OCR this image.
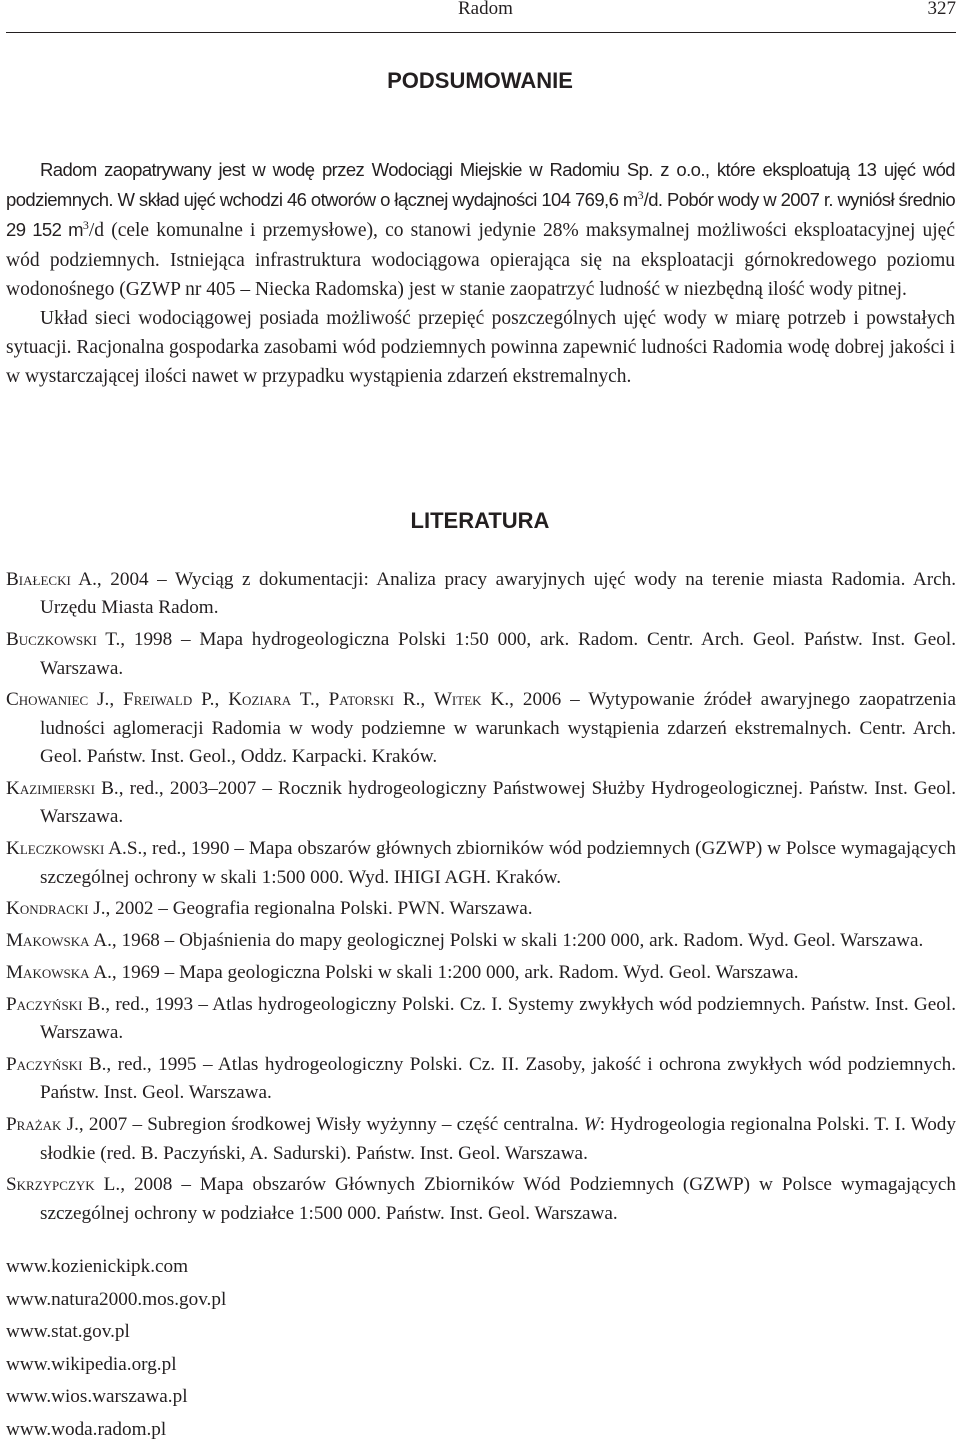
Radom	327
PODSUMOWANIE

Radom zaopatrywany jest w wodę przez Wodociągi Miejskie w Radomiu Sp. z o.o., które eksploatują 13 ujęć wód podziemnych. W skład ujęć wchodzi 46 otworów o łącznej wydajności 104 769,6 $m^3/d$. Pobór wody w 2007 r. wyniósł średnio 29 152 $m^3/d$ (cele komunalne i przemysłowe), co stanowi jedynie 28% maksymalnej możliwości eksploatacyjnej ujęć wód podziemnych. Istniejąca infrastruktura wodociągowa opierająca się na eksploatacji górnokredowego poziomu wodonośnego (GZWP nr 405 – Niecka Radomska) jest w stanie zaopatrzyć ludność w niezbędną ilość wody pitnej.

Układ sieci wodociągowej posiada możliwość przepięć poszczególnych ujęć wody w miarę potrzeb i powstałych sytuacji. Racjonalna gospodarka zasobami wód podziemnych powinna zapewnić ludności Radomia wodę dobrej jakości i w wystarczającej ilości nawet w przypadku wystąpienia zdarzeń ekstremalnych.

LITERATURA

Białecki A., 2004 – Wyciąg z dokumentacji: Analiza pracy awaryjnych ujęć wody na terenie miasta Radomia. Arch. Urzędu Miasta Radom.

Buczkowski T., 1998 – Mapa hydrogeologiczna Polski 1:50 000, ark. Radom. Centr. Arch. Geol. Państw. Inst. Geol. Warszawa.

Chowaniec J., Freiwald P., Koziara T., Patorski R., Witek K., 2006 – Wytypowanie źródeł awaryjnego zaopatrzenia ludności aglomeracji Radomia w wody podziemne w warunkach wystąpienia zdarzeń ekstremalnych. Centr. Arch. Geol. Państw. Inst. Geol., Oddz. Karpacki. Kraków.

Kazimierski B., red., 2003–2007 – Rocznik hydrogeologiczny Państwowej Służby Hydrogeologicznej. Państw. Inst. Geol. Warszawa.

Kleczkowski A.S., red., 1990 – Mapa obszarów głównych zbiorników wód podziemnych (GZWP) w Polsce wymagających szczególnej ochrony w skali 1:500 000. Wyd. IHIGI AGH. Kraków.

Kondracki J., 2002 – Geografia regionalna Polski. PWN. Warszawa.

Makowska A., 1968 – Objaśnienia do mapy geologicznej Polski w skali 1:200 000, ark. Radom. Wyd. Geol. Warszawa.

Makowska A., 1969 – Mapa geologiczna Polski w skali 1:200 000, ark. Radom. Wyd. Geol. Warszawa.

Paczyński B., red., 1993 – Atlas hydrogeologiczny Polski. Cz. I. Systemy zwykłych wód podziemnych. Państw. Inst. Geol. Warszawa.

Paczyński B., red., 1995 – Atlas hydrogeologiczny Polski. Cz. II. Zasoby, jakość i ochrona zwykłych wód podziemnych. Państw. Inst. Geol. Warszawa.

Prażak J., 2007 – Subregion środkowej Wisły wyżynny – część centralna. W: Hydrogeologia regionalna Polski. T. I. Wody słodkie (red. B. Paczyński, A. Sadurski). Państw. Inst. Geol. Warszawa.

Skrzypczyk L., 2008 – Mapa obszarów Głównych Zbiorników Wód Podziemnych (GZWP) w Polsce wymagających szczególnej ochrony w podziałce 1:500 000. Państw. Inst. Geol. Warszawa.

www.kozienickipk.com
www.natura2000.mos.gov.pl
www.stat.gov.pl
www.wikipedia.org.pl
www.wios.warszawa.pl
www.woda.radom.pl
